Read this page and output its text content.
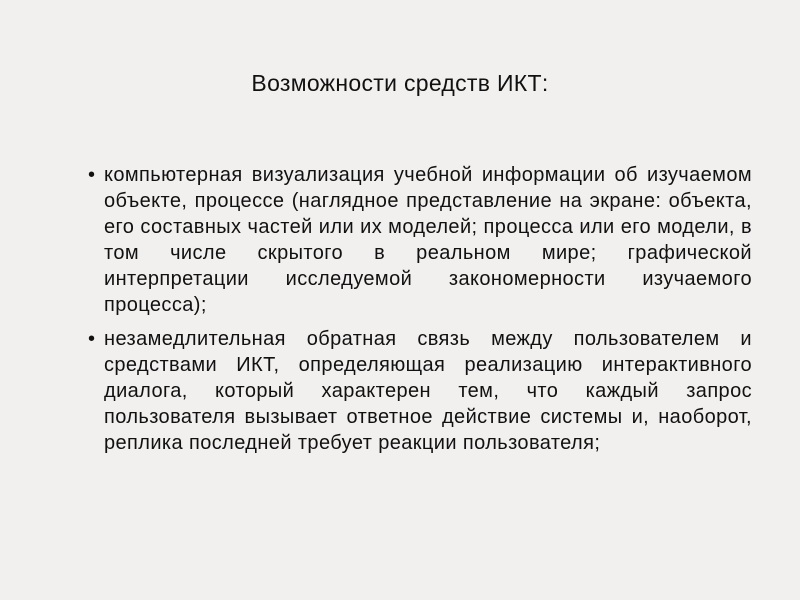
Возможности средств ИКТ:
• компьютерная визуализация учебной информации об изучаемом объекте, процессе (наглядное представление на экране: объекта, его составных частей или их моделей; процесса или его модели, в том числе скрытого в реальном мире; графической интерпретации исследуемой закономерности изучаемого процесса);
• незамедлительная обратная связь между пользователем и средствами ИКТ, определяющая реализацию интерактивного диалога, который характерен тем, что каждый запрос пользователя вызывает ответное действие системы и, наоборот, реплика последней требует реакции пользователя;
